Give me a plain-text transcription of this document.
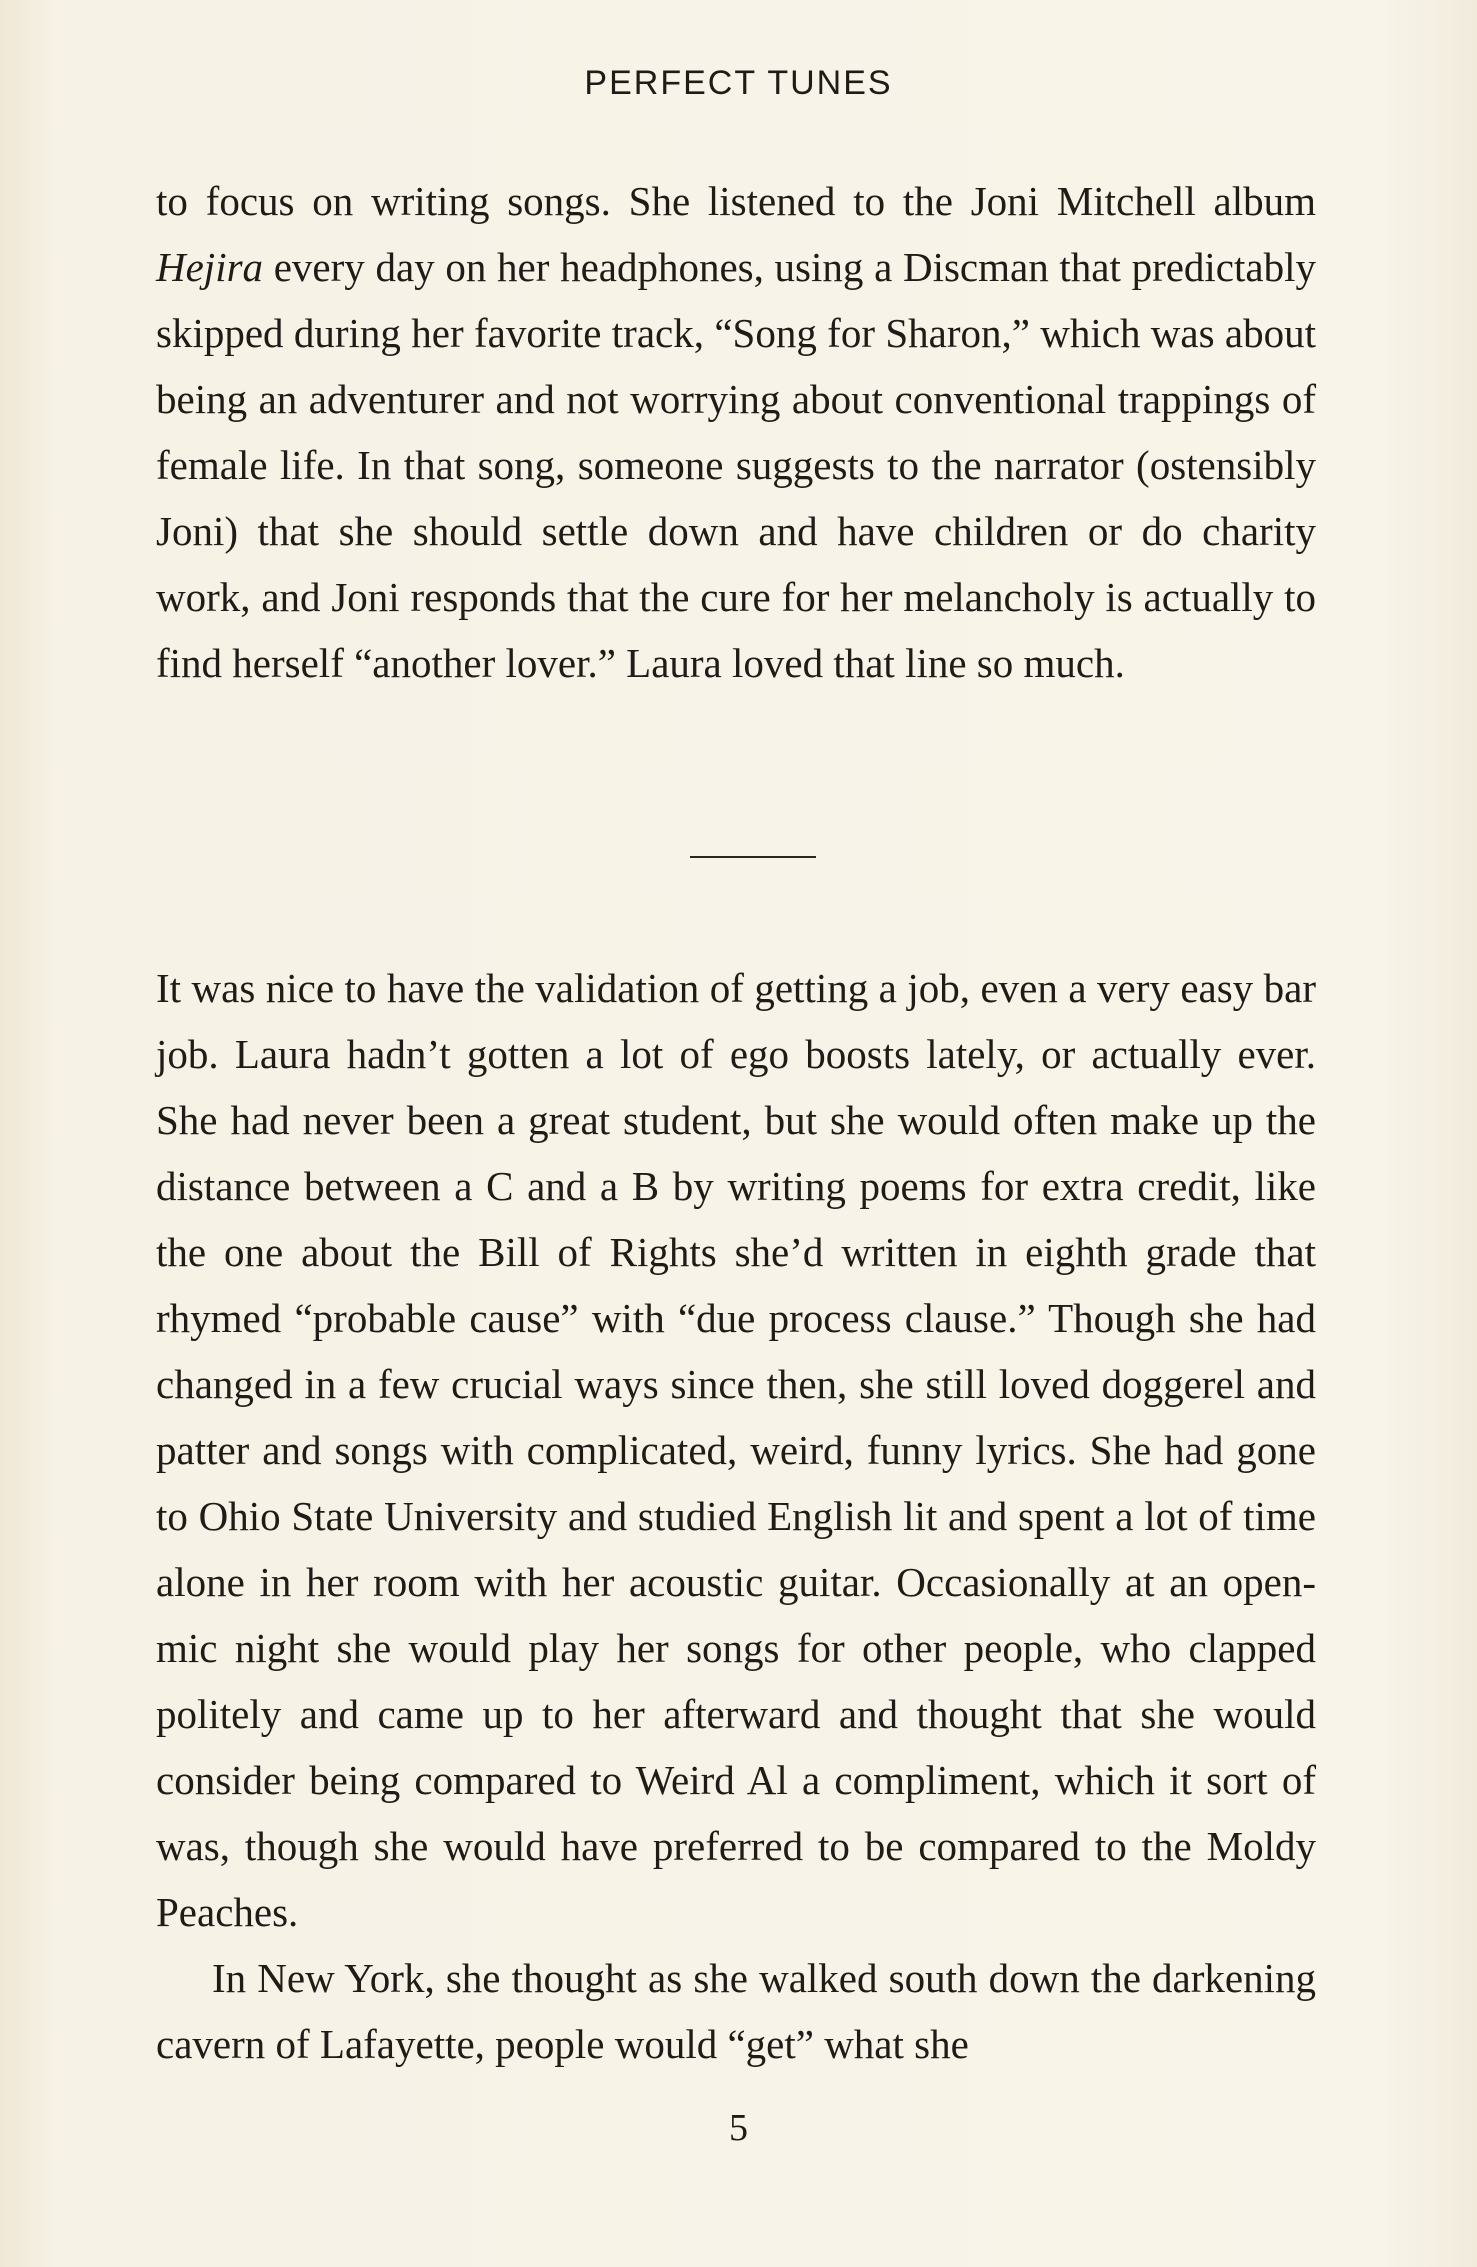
PERFECT TUNES

to focus on writing songs. She listened to the Joni Mitchell album Hejira every day on her headphones, using a Discman that predictably skipped during her favorite track, “Song for Sharon,” which was about being an adventurer and not worrying about conventional trappings of female life. In that song, someone suggests to the narrator (ostensibly Joni) that she should settle down and have children or do charity work, and Joni responds that the cure for her melancholy is actually to find herself “another lover.” Laura loved that line so much.

It was nice to have the validation of getting a job, even a very easy bar job. Laura hadn’t gotten a lot of ego boosts lately, or actually ever. She had never been a great student, but she would often make up the distance between a C and a B by writing poems for extra credit, like the one about the Bill of Rights she’d written in eighth grade that rhymed “probable cause” with “due process clause.” Though she had changed in a few crucial ways since then, she still loved doggerel and patter and songs with complicated, weird, funny lyrics. She had gone to Ohio State University and studied English lit and spent a lot of time alone in her room with her acoustic guitar. Occasionally at an open-mic night she would play her songs for other people, who clapped politely and came up to her afterward and thought that she would consider being compared to Weird Al a compliment, which it sort of was, though she would have preferred to be compared to the Moldy Peaches.

In New York, she thought as she walked south down the darkening cavern of Lafayette, people would “get” what she

5
